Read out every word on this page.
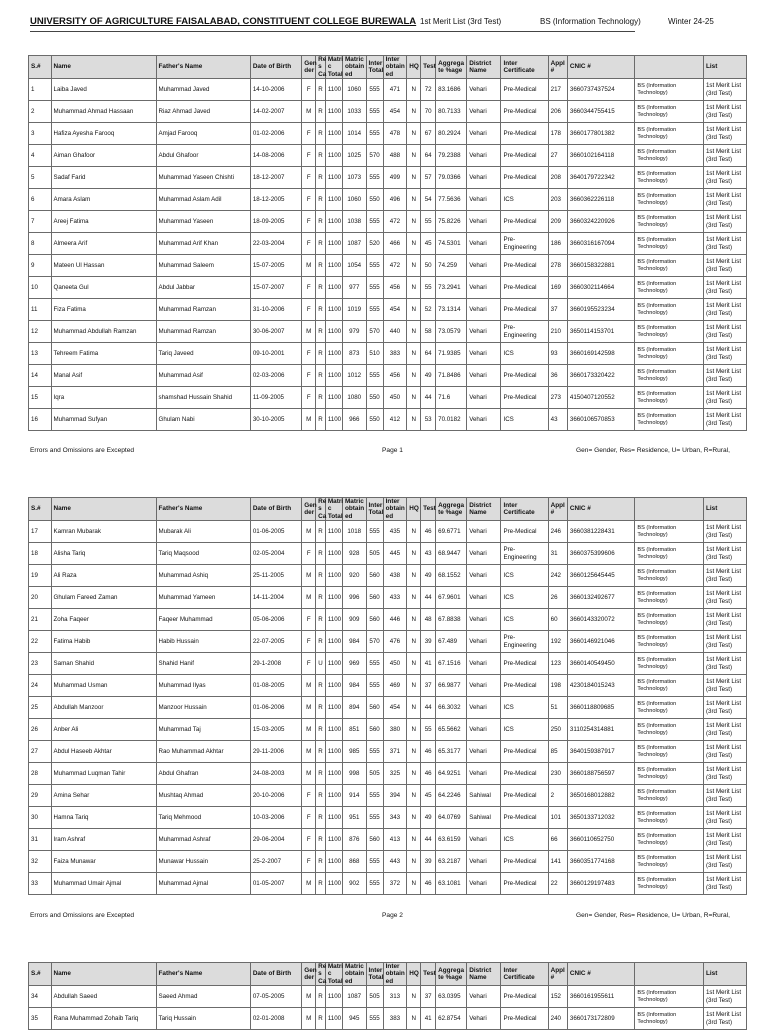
UNIVERSITY OF AGRICULTURE FAISALABAD, CONSTITUENT COLLEGE BUREWALA 1st Merit List (3rd Test)	BS (Information Technology)	Winter 24-25
S.#	Name	Father's Name	Date of Birth	Gen der	Re s Ca	Matri c Total	Matric obtain ed	Inter Total	Inter obtain ed	HQ	Test	Aggrega te %age	District Name	Inter Certificate	Appl #	CNIC #		List
1	Laiba Javed	Muhammad Javed	14-10-2006	F	R	1100	1060	555	471	N	72	83.1686	Vehari	Pre-Medical	217	3660737437524	BS (Information Technology)	1st Merit List (3rd Test)
2	Muhammad Ahmad Hassaan	Riaz Ahmad Javed	14-02-2007	M	R	1100	1033	555	454	N	70	80.7133	Vehari	Pre-Medical	206	3660344755415	BS (Information Technology)	1st Merit List (3rd Test)
3	Hafiza Ayesha Farooq	Amjad Farooq	01-02-2006	F	R	1100	1014	555	478	N	67	80.2924	Vehari	Pre-Medical	178	3660177801382	BS (Information Technology)	1st Merit List (3rd Test)
4	Aiman Ghafoor	Abdul Ghafoor	14-08-2006	F	R	1100	1025	570	488	N	64	79.2388	Vehari	Pre-Medical	27	3660102164118	BS (Information Technology)	1st Merit List (3rd Test)
5	Sadaf Farid	Muhammad Yaseen Chishti	18-12-2007	F	R	1100	1073	555	499	N	57	79.0366	Vehari	Pre-Medical	208	3640179722342	BS (Information Technology)	1st Merit List (3rd Test)
6	Amara Aslam	Muhammad Aslam Adil	18-12-2005	F	R	1100	1060	550	496	N	54	77.5636	Vehari	ICS	203	3660362226118	BS (Information Technology)	1st Merit List (3rd Test)
7	Areej Fatima	Muhammad Yaseen	18-09-2005	F	R	1100	1038	555	472	N	55	75.8226	Vehari	Pre-Medical	209	3660324220926	BS (Information Technology)	1st Merit List (3rd Test)
8	Almeera Arif	Muhammad Arif Khan	22-03-2004	F	R	1100	1087	520	466	N	45	74.5301	Vehari	Pre-Engineering	186	3660316167094	BS (Information Technology)	1st Merit List (3rd Test)
9	Mateen Ul Hassan	Muhammad Saleem	15-07-2005	M	R	1100	1054	555	472	N	50	74.259	Vehari	Pre-Medical	278	3660158322881	BS (Information Technology)	1st Merit List (3rd Test)
10	Qaneeta Gul	Abdul Jabbar	15-07-2007	F	R	1100	977	555	456	N	55	73.2941	Vehari	Pre-Medical	169	3660302114664	BS (Information Technology)	1st Merit List (3rd Test)
11	Fiza Fatima	Muhammad Ramzan	31-10-2006	F	R	1100	1019	555	454	N	52	73.1314	Vehari	Pre-Medical	37	3660195523234	BS (Information Technology)	1st Merit List (3rd Test)
12	Muhammad Abdullah Ramzan	Muhammad Ramzan	30-06-2007	M	R	1100	979	570	440	N	58	73.0579	Vehari	Pre-Engineering	210	3650114153701	BS (Information Technology)	1st Merit List (3rd Test)
13	Tehreem Fatima	Tariq Javeed	09-10-2001	F	R	1100	873	510	383	N	64	71.9385	Vehari	ICS	93	3660169142598	BS (Information Technology)	1st Merit List (3rd Test)
14	Manal Asif	Muhammad Asif	02-03-2006	F	R	1100	1012	555	456	N	49	71.8486	Vehari	Pre-Medical	36	3660173320422	BS (Information Technology)	1st Merit List (3rd Test)
15	Iqra	shamshad Hussain Shahid	11-09-2005	F	R	1100	1080	550	450	N	44	71.6	Vehari	Pre-Medical	273	4150407120552	BS (Information Technology)	1st Merit List (3rd Test)
16	Muhammad Sufyan	Ghulam Nabi	30-10-2005	M	R	1100	966	550	412	N	53	70.0182	Vehari	ICS	43	3660106570853	BS (Information Technology)	1st Merit List (3rd Test)
Errors and Omissions are Excepted	Page 1	Gen= Gender, Res= Residence, U= Urban, R=Rural,
S.#	Name	Father's Name	Date of Birth	Gen der	Re s Ca	Matri c Total	Matric obtain ed	Inter Total	Inter obtain ed	HQ	Test	Aggrega te %age	District Name	Inter Certificate	Appl #	CNIC #		List
17	Kamran Mubarak	Mubarak Ali	01-06-2005	M	R	1100	1018	555	435	N	46	69.6771	Vehari	Pre-Medical	246	3660381228431	BS (Information Technology)	1st Merit List (3rd Test)
18	Alisha Tariq	Tariq Maqsood	02-05-2004	F	R	1100	928	505	445	N	43	68.9447	Vehari	Pre-Engineering	31	3660375399606	BS (Information Technology)	1st Merit List (3rd Test)
19	Ali Raza	Muhammad Ashiq	25-11-2005	M	R	1100	920	560	438	N	49	68.1552	Vehari	ICS	242	3660125645445	BS (Information Technology)	1st Merit List (3rd Test)
20	Ghulam Fareed Zaman	Muhammad Yameen	14-11-2004	M	R	1100	996	560	433	N	44	67.9601	Vehari	ICS	26	3660132492677	BS (Information Technology)	1st Merit List (3rd Test)
21	Zoha Faqeer	Faqeer Muhammad	05-06-2006	F	R	1100	909	560	446	N	48	67.8838	Vehari	ICS	60	3660143320072	BS (Information Technology)	1st Merit List (3rd Test)
22	Fatima Habib	Habib Hussain	22-07-2005	F	R	1100	984	570	476	N	39	67.489	Vehari	Pre-Engineering	192	3660146921046	BS (Information Technology)	1st Merit List (3rd Test)
23	Saman Shahid	Shahid Hanif	29-1-2008	F	U	1100	969	555	450	N	41	67.1516	Vehari	Pre-Medical	123	3660140549450	BS (Information Technology)	1st Merit List (3rd Test)
24	Muhammad Usman	Muhammad Ilyas	01-08-2005	M	R	1100	984	555	469	N	37	66.9877	Vehari	Pre-Medical	198	4230184015243	BS (Information Technology)	1st Merit List (3rd Test)
25	Abdullah Manzoor	Manzoor Hussain	01-06-2006	M	R	1100	894	560	454	N	44	66.3032	Vehari	ICS	51	3660118809685	BS (Information Technology)	1st Merit List (3rd Test)
26	Anber Ali	Muhammad Taj	15-03-2005	M	R	1100	851	560	380	N	55	65.5662	Vehari	ICS	250	3110254314881	BS (Information Technology)	1st Merit List (3rd Test)
27	Abdul Haseeb Akhtar	Rao Muhammad Akhtar	29-11-2006	M	R	1100	985	555	371	N	46	65.3177	Vehari	Pre-Medical	85	3640159387917	BS (Information Technology)	1st Merit List (3rd Test)
28	Muhammad Luqman Tahir	Abdul Ghafran	24-08-2003	M	R	1100	998	505	325	N	46	64.9251	Vehari	Pre-Medical	230	3660188756597	BS (Information Technology)	1st Merit List (3rd Test)
29	Amina Sehar	Mushtaq Ahmad	20-10-2006	F	R	1100	914	555	394	N	45	64.2246	Sahiwal	Pre-Medical	2	3650168012882	BS (Information Technology)	1st Merit List (3rd Test)
30	Hamna Tariq	Tariq Mehmood	10-03-2006	F	R	1100	951	555	343	N	49	64.0769	Sahiwal	Pre-Medical	101	3650133712032	BS (Information Technology)	1st Merit List (3rd Test)
31	Iram Ashraf	Muhammad Ashraf	29-06-2004	F	R	1100	876	560	413	N	44	63.6159	Vehari	ICS	66	3660110652750	BS (Information Technology)	1st Merit List (3rd Test)
32	Faiza Munawar	Munawar Hussain	25-2-2007	F	R	1100	868	555	443	N	39	63.2187	Vehari	Pre-Medical	141	3660351774168	BS (Information Technology)	1st Merit List (3rd Test)
33	Muhammad Umair Ajmal	Muhammad Ajmal	01-05-2007	M	R	1100	902	555	372	N	46	63.1081	Vehari	Pre-Medical	22	3660129197483	BS (Information Technology)	1st Merit List (3rd Test)
Errors and Omissions are Excepted	Page 2	Gen= Gender, Res= Residence, U= Urban, R=Rural,
S.#	Name	Father's Name	Date of Birth	Gen der	Re s Ca	Matri c Total	Matric obtain ed	Inter Total	Inter obtain ed	HQ	Test	Aggrega te %age	District Name	Inter Certificate	Appl #	CNIC #		List
34	Abdullah Saeed	Saeed Ahmad	07-05-2005	M	R	1100	1087	505	313	N	37	63.0395	Vehari	Pre-Medical	152	3660161955611	BS (Information Technology)	1st Merit List (3rd Test)
35	Rana Muhammad Zohaib Tariq	Tariq Hussain	02-01-2008	M	R	1100	945	555	383	N	41	62.8754	Vehari	Pre-Medical	240	3660173172809	BS (Information Technology)	1st Merit List (3rd Test)
